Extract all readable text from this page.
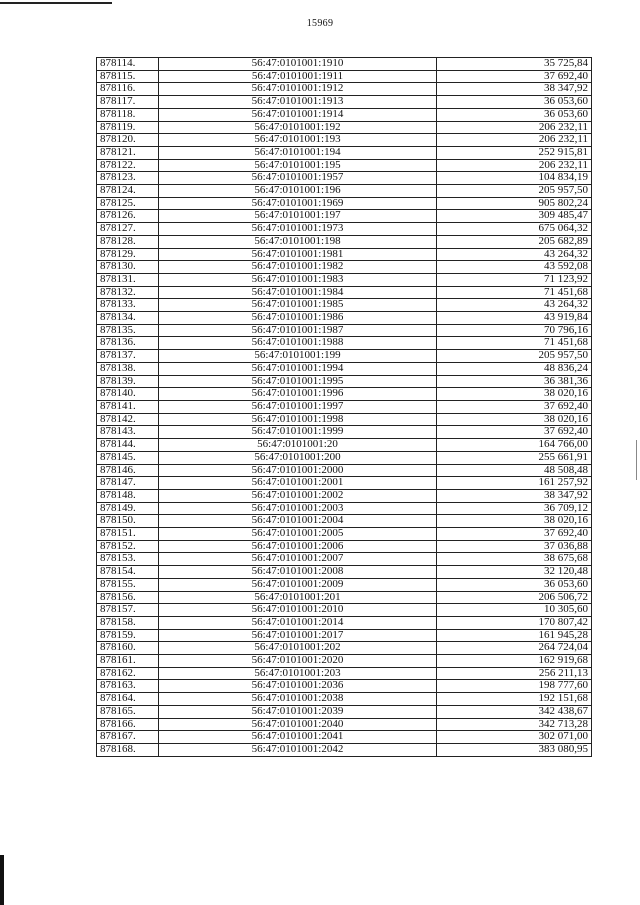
15969
878114.	56:47:0101001:1910	35 725,84
878115.	56:47:0101001:1911	37 692,40
878116.	56:47:0101001:1912	38 347,92
878117.	56:47:0101001:1913	36 053,60
878118.	56:47:0101001:1914	36 053,60
878119.	56:47:0101001:192	206 232,11
878120.	56:47:0101001:193	206 232,11
878121.	56:47:0101001:194	252 915,81
878122.	56:47:0101001:195	206 232,11
878123.	56:47:0101001:1957	104 834,19
878124.	56:47:0101001:196	205 957,50
878125.	56:47:0101001:1969	905 802,24
878126.	56:47:0101001:197	309 485,47
878127.	56:47:0101001:1973	675 064,32
878128.	56:47:0101001:198	205 682,89
878129.	56:47:0101001:1981	43 264,32
878130.	56:47:0101001:1982	43 592,08
878131.	56:47:0101001:1983	71 123,92
878132.	56:47:0101001:1984	71 451,68
878133.	56:47:0101001:1985	43 264,32
878134.	56:47:0101001:1986	43 919,84
878135.	56:47:0101001:1987	70 796,16
878136.	56:47:0101001:1988	71 451,68
878137.	56:47:0101001:199	205 957,50
878138.	56:47:0101001:1994	48 836,24
878139.	56:47:0101001:1995	36 381,36
878140.	56:47:0101001:1996	38 020,16
878141.	56:47:0101001:1997	37 692,40
878142.	56:47:0101001:1998	38 020,16
878143.	56:47:0101001:1999	37 692,40
878144.	56:47:0101001:20	164 766,00
878145.	56:47:0101001:200	255 661,91
878146.	56:47:0101001:2000	48 508,48
878147.	56:47:0101001:2001	161 257,92
878148.	56:47:0101001:2002	38 347,92
878149.	56:47:0101001:2003	36 709,12
878150.	56:47:0101001:2004	38 020,16
878151.	56:47:0101001:2005	37 692,40
878152.	56:47:0101001:2006	37 036,88
878153.	56:47:0101001:2007	38 675,68
878154.	56:47:0101001:2008	32 120,48
878155.	56:47:0101001:2009	36 053,60
878156.	56:47:0101001:201	206 506,72
878157.	56:47:0101001:2010	10 305,60
878158.	56:47:0101001:2014	170 807,42
878159.	56:47:0101001:2017	161 945,28
878160.	56:47:0101001:202	264 724,04
878161.	56:47:0101001:2020	162 919,68
878162.	56:47:0101001:203	256 211,13
878163.	56:47:0101001:2036	198 777,60
878164.	56:47:0101001:2038	192 151,68
878165.	56:47:0101001:2039	342 438,67
878166.	56:47:0101001:2040	342 713,28
878167.	56:47:0101001:2041	302 071,00
878168.	56:47:0101001:2042	383 080,95
